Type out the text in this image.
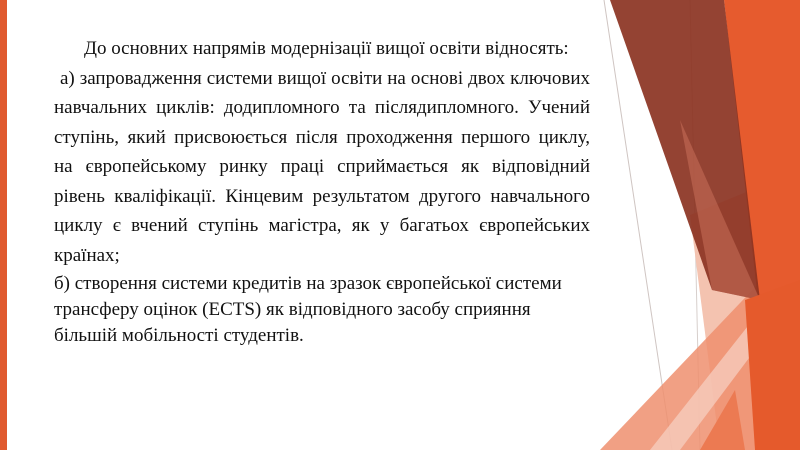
До основних напрямів модернізації вищої освіти відносять:

а) запровадження системи вищої освіти на основі двох ключових навчальних циклів: додипломного та післядипломного. Учений ступінь, який присвоюється після проходження першого циклу, на європейському ринку праці сприймається як відповідний рівень кваліфікації. Кінцевим результатом другого навчального циклу є вчений ступінь магістра, як у багатьох європейських країнах;

б) створення системи кредитів на зразок європейської системи трансферу оцінок (ECTS) як відповідного засобу сприяння більшій мобільності студентів.
